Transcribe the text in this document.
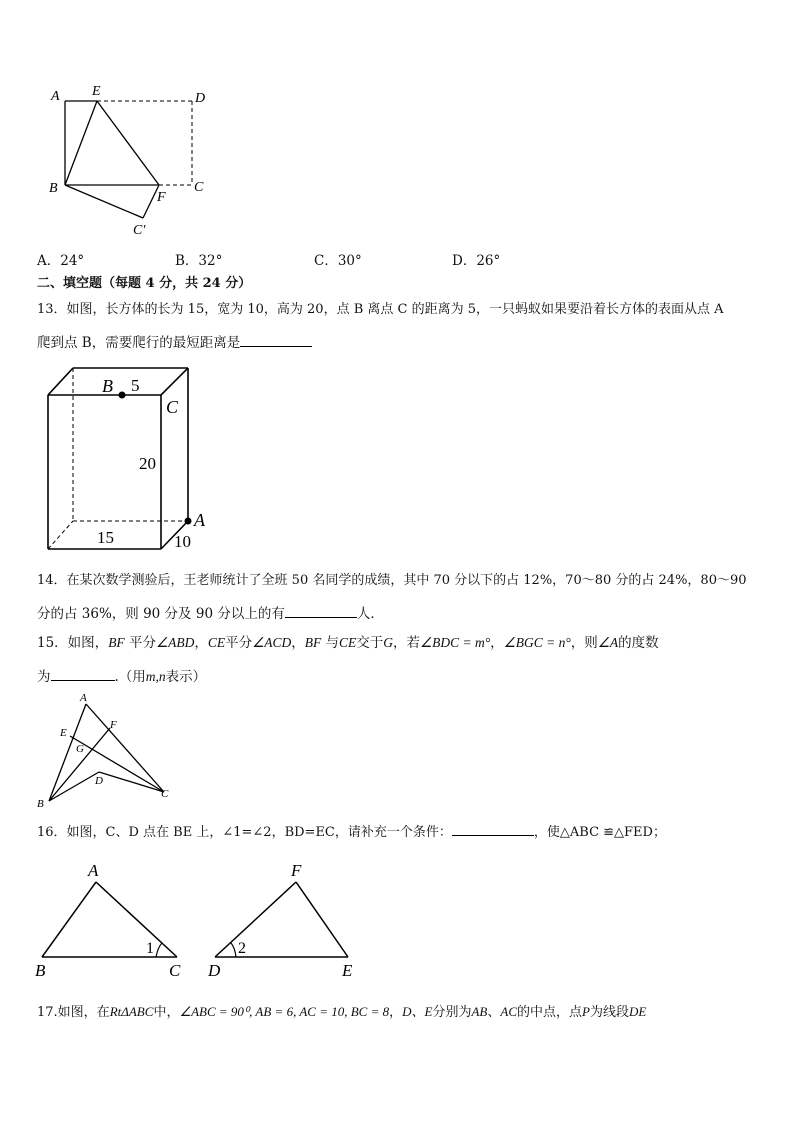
A E	D
B
F
C
C′
A．24°	B．32°	C．30°	D．26°
二、填空题（每题 4 分，共 24 分）
13．如图，长方体的长为 15，宽为 10，高为 20，点 B 离点 C 的距离为 5，一只蚂蚁如果要沿着长方体的表面从点 A
爬到点 B，需要爬行的最短距离是
B 5
C
20
A
15	10
14．在某次数学测验后，王老师统计了全班 50 名同学的成绩，其中 70 分以下的占 12%，70～80 分的占 24%，80～90
分的占 36%，则 90 分及 90 分以上的有	人．
15．如图，BF 平分∠ABD，CE平分∠ACD，BF 与CE交于G，若∠BDC = m°，∠BGC = n°，则∠A的度数
为	.（用m,n表示）
A
E
F
G
D
B
C
16．如图，C、D 点在 BE 上，∠1=∠2，BD=EC，请补充一个条件：	，使△ABC ≌△FED；
A	F
1	2
B	C D	E
17.如图，在RtΔABC中，∠ABC = 90⁰, AB = 6, AC = 10, BC = 8，D、E分别为AB、AC的中点，点P为线段DE
